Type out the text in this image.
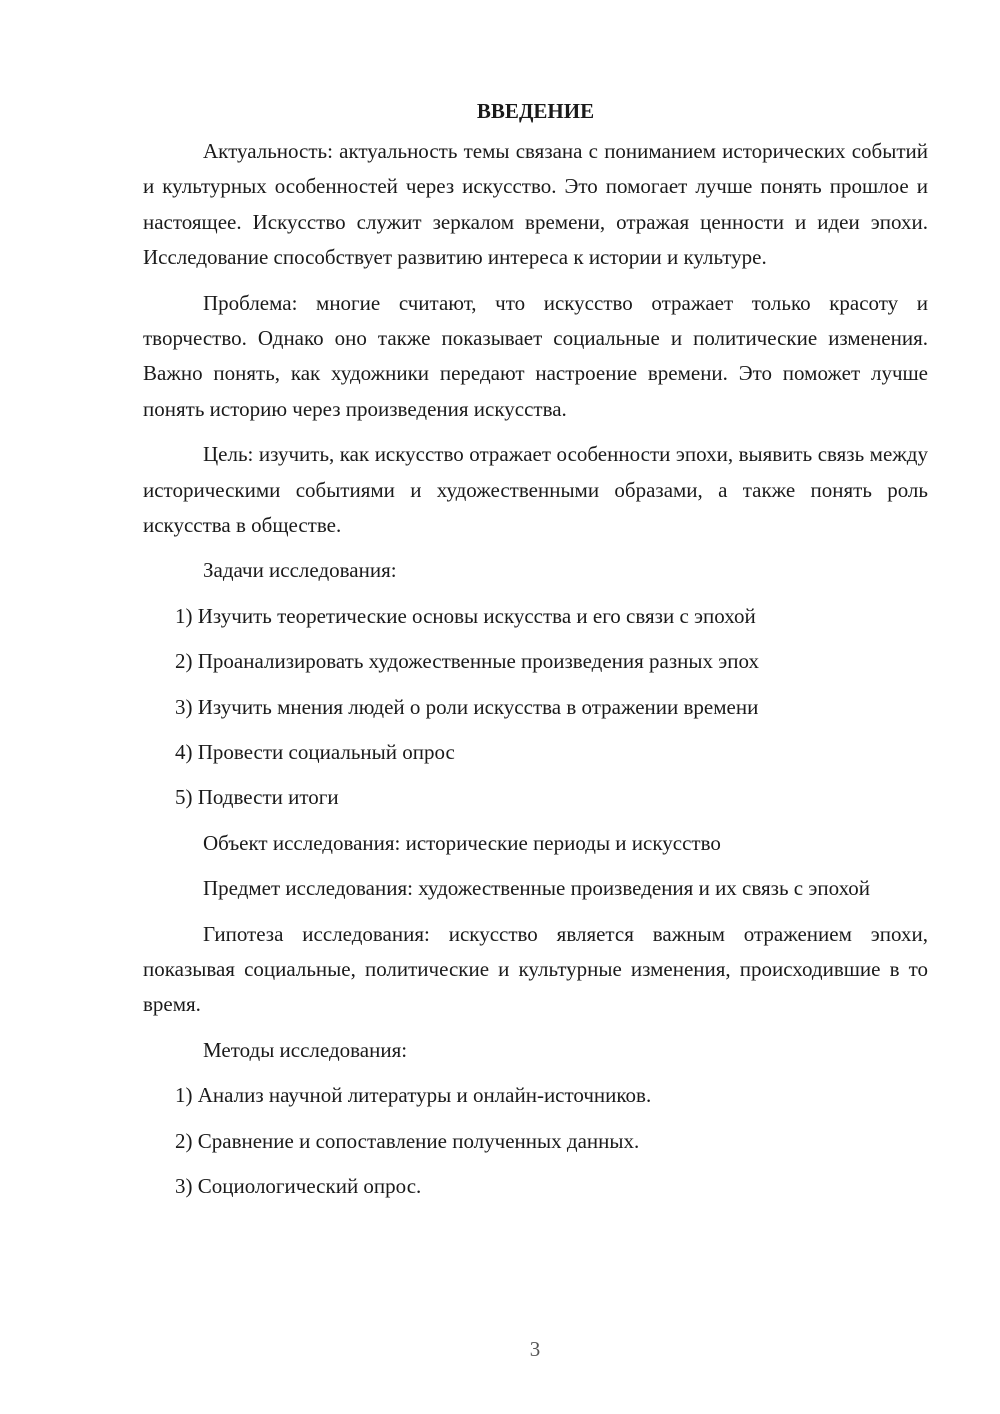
ВВЕДЕНИЕ

Актуальность: актуальность темы связана с пониманием исторических событий и культурных особенностей через искусство. Это помогает лучше понять прошлое и настоящее. Искусство служит зеркалом времени, отражая ценности и идеи эпохи. Исследование способствует развитию интереса к истории и культуре.

Проблема: многие считают, что искусство отражает только красоту и творчество. Однако оно также показывает социальные и политические изменения. Важно понять, как художники передают настроение времени. Это поможет лучше понять историю через произведения искусства.

Цель: изучить, как искусство отражает особенности эпохи, выявить связь между историческими событиями и художественными образами, а также понять роль искусства в обществе.

Задачи исследования:

1) Изучить теоретические основы искусства и его связи с эпохой

2) Проанализировать художественные произведения разных эпох

3) Изучить мнения людей о роли искусства в отражении времени

4) Провести социальный опрос

5) Подвести итоги

Объект исследования: исторические периоды и искусство

Предмет исследования: художественные произведения и их связь с эпохой

Гипотеза исследования: искусство является важным отражением эпохи, показывая социальные, политические и культурные изменения, происходившие в то время.

Методы исследования:

1) Анализ научной литературы и онлайн-источников.

2) Сравнение и сопоставление полученных данных.

3) Социологический опрос.

3
